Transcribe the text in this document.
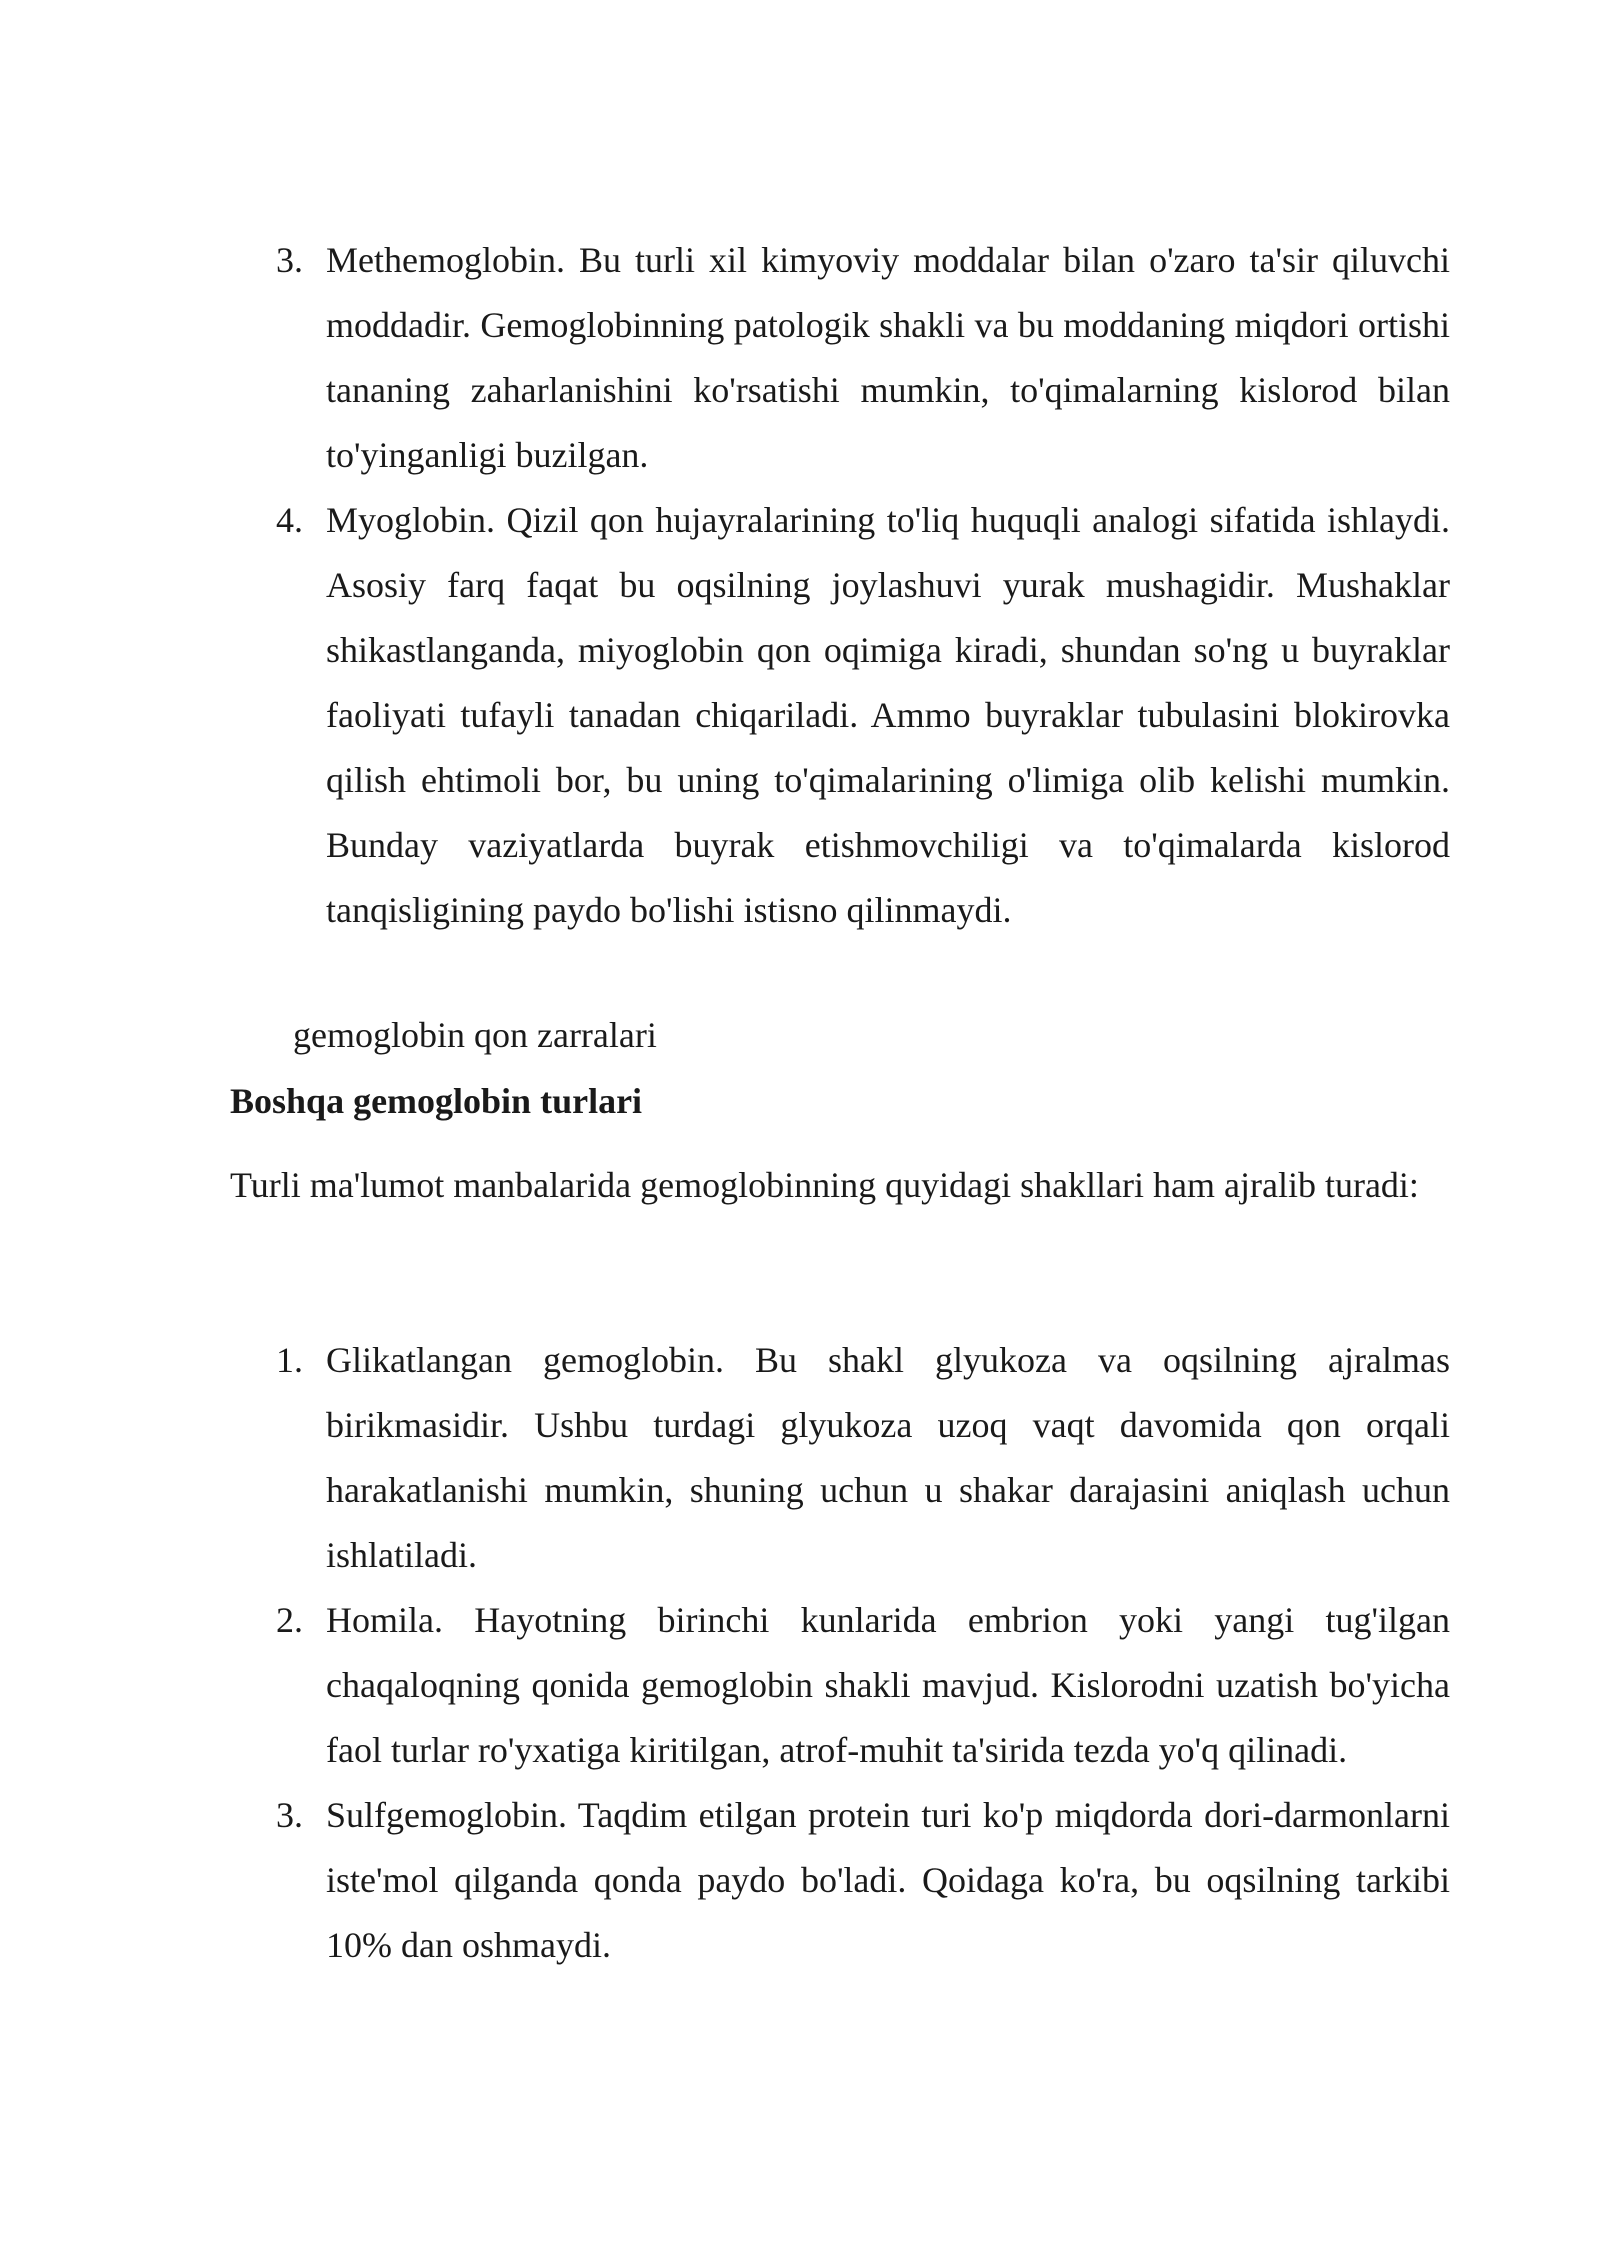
3. Methemoglobin. Bu turli xil kimyoviy moddalar bilan o'zaro ta'sir qiluvchi moddadir. Gemoglobinning patologik shakli va bu moddaning miqdori ortishi tananing zaharlanishini ko'rsatishi mumkin, to'qimalarning kislorod bilan to'yinganligi buzilgan.
4. Myoglobin. Qizil qon hujayralarining to'liq huquqli analogi sifatida ishlaydi. Asosiy farq faqat bu oqsilning joylashuvi yurak mushagidir. Mushaklar shikastlanganda, miyoglobin qon oqimiga kiradi, shundan so'ng u buyraklar faoliyati tufayli tanadan chiqariladi. Ammo buyraklar tubulasini blokirovka qilish ehtimoli bor, bu uning to'qimalarining o'limiga olib kelishi mumkin. Bunday vaziyatlarda buyrak etishmovchiligi va to'qimalarda kislorod tanqisligining paydo bo'lishi istisno qilinmaydi.
gemoglobin qon zarralari
Boshqa gemoglobin turlari

Turli ma'lumot manbalarida gemoglobinning quyidagi shakllari ham ajralib turadi:

1. Glikatlangan gemoglobin. Bu shakl glyukoza va oqsilning ajralmas birikmasidir. Ushbu turdagi glyukoza uzoq vaqt davomida qon orqali harakatlanishi mumkin, shuning uchun u shakar darajasini aniqlash uchun ishlatiladi.
2. Homila. Hayotning birinchi kunlarida embrion yoki yangi tug'ilgan chaqaloqning qonida gemoglobin shakli mavjud. Kislorodni uzatish bo'yicha faol turlar ro'yxatiga kiritilgan, atrof-muhit ta'sirida tezda yo'q qilinadi.
3. Sulfgemoglobin. Taqdim etilgan protein turi ko'p miqdorda dori-darmonlarni iste'mol qilganda qonda paydo bo'ladi. Qoidaga ko'ra, bu oqsilning tarkibi 10% dan oshmaydi.
